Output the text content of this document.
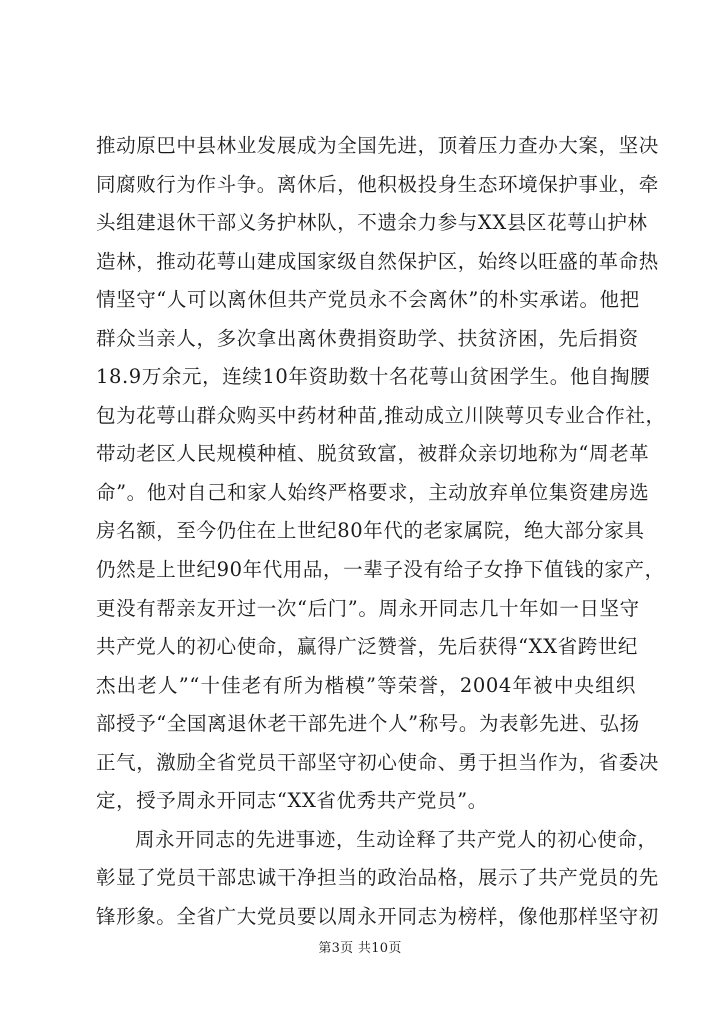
推动原巴中县林业发展成为全国先进，顶着压力查办大案，坚决
同腐败行为作斗争。离休后，他积极投身生态环境保护事业，牵
头组建退休干部义务护林队，不遗余力参与XX县区花萼山护林
造林，推动花萼山建成国家级自然保护区，始终以旺盛的革命热
情坚守“人可以离休但共产党员永不会离休”的朴实承诺。他把
群众当亲人，多次拿出离休费捐资助学、扶贫济困，先后捐资
18.9万余元，连续10年资助数十名花萼山贫困学生。他自掏腰
包为花萼山群众购买中药材种苗,推动成立川陕萼贝专业合作社，
带动老区人民规模种植、脱贫致富，被群众亲切地称为“周老革
命”。他对自己和家人始终严格要求，主动放弃单位集资建房选
房名额，至今仍住在上世纪80年代的老家属院，绝大部分家具
仍然是上世纪90年代用品，一辈子没有给子女挣下值钱的家产，
更没有帮亲友开过一次“后门”。周永开同志几十年如一日坚守
共产党人的初心使命，赢得广泛赞誉，先后获得“XX省跨世纪
杰出老人”“十佳老有所为楷模”等荣誉，2004年被中央组织
部授予“全国离退休老干部先进个人”称号。为表彰先进、弘扬
正气，激励全省党员干部坚守初心使命、勇于担当作为，省委决
定，授予周永开同志“XX省优秀共产党员”。
周永开同志的先进事迹，生动诠释了共产党人的初心使命，
彰显了党员干部忠诚干净担当的政治品格，展示了共产党员的先
锋形象。全省广大党员要以周永开同志为榜样，像他那样坚守初
第3页 共10页
